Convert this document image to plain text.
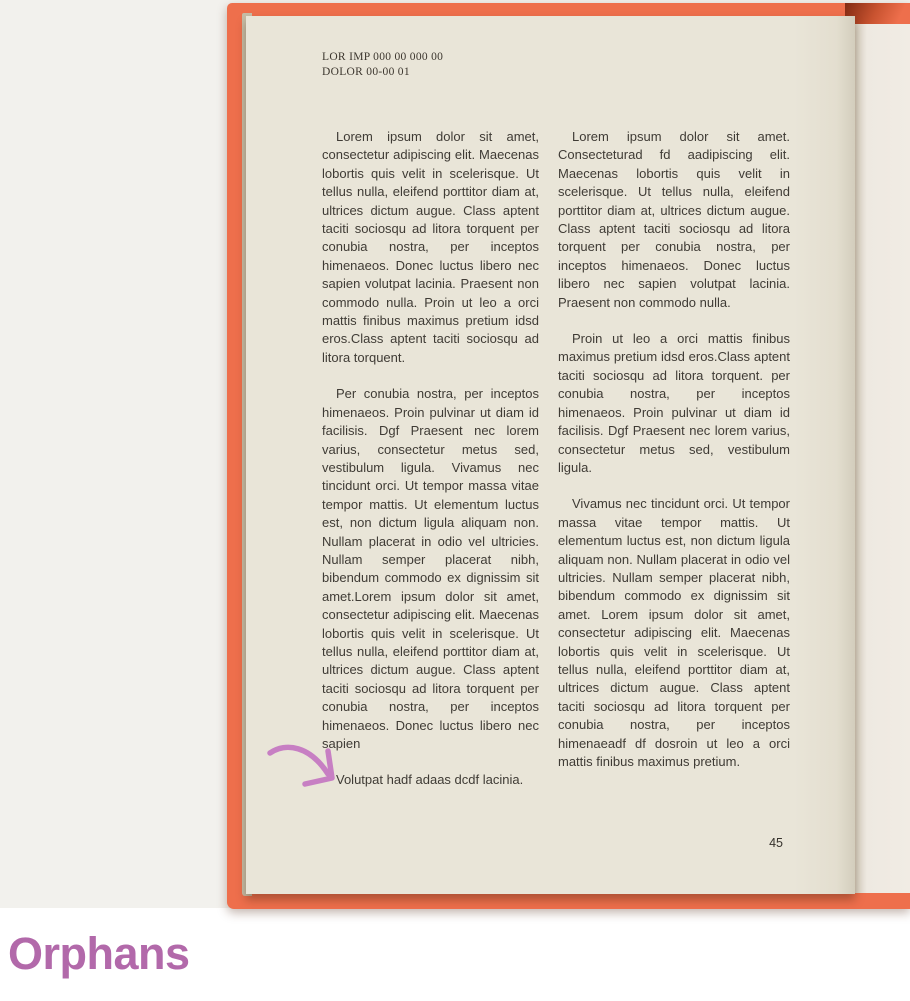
LOR IMP 000 00 000 00
DOLOR 00-00 01

Lorem ipsum dolor sit amet, consectetur adipiscing elit. Maecenas lobortis quis velit in scelerisque. Ut tellus nulla, eleifend porttitor diam at, ultrices dictum augue. Class aptent taciti sociosqu ad litora torquent per conubia nostra, per inceptos himenaeos. Donec luctus libero nec sapien volutpat lacinia. Praesent non commodo nulla. Proin ut leo a orci mattis finibus maximus pretium idsd eros.Class aptent taciti sociosqu ad litora torquent.

Per conubia nostra, per inceptos himenaeos. Proin pulvinar ut diam id facilisis. Dgf Praesent nec lorem varius, consectetur metus sed, vestibulum ligula. Vivamus nec tincidunt orci. Ut tempor massa vitae tempor mattis. Ut elementum luctus est, non dictum ligula aliquam non. Nullam placerat in odio vel ultricies. Nullam semper placerat nibh, bibendum commodo ex dignissim sit amet.Lorem ipsum dolor sit amet, consectetur adipiscing elit. Maecenas lobortis quis velit in scelerisque. Ut tellus nulla, eleifend porttitor diam at, ultrices dictum augue. Class aptent taciti sociosqu ad litora torquent per conubia nostra, per inceptos himenaeos. Donec luctus libero nec sapien

Volutpat hadf adaas dcdf lacinia.

Lorem ipsum dolor sit amet. Consecteturad fd aadipiscing elit. Maecenas lobortis quis velit in scelerisque. Ut tellus nulla, eleifend porttitor diam at, ultrices dictum augue. Class aptent taciti sociosqu ad litora torquent per conubia nostra, per inceptos himenaeos. Donec luctus libero nec sapien volutpat lacinia. Praesent non commodo nulla.

Proin ut leo a orci mattis finibus maximus pretium idsd eros.Class aptent taciti sociosqu ad litora torquent. per conubia nostra, per inceptos himenaeos. Proin pulvinar ut diam id facilisis. Dgf Praesent nec lorem varius, consectetur metus sed, vestibulum ligula.

Vivamus nec tincidunt orci. Ut tempor massa vitae tempor mattis. Ut elementum luctus est, non dictum ligula aliquam non. Nullam placerat in odio vel ultricies. Nullam semper placerat nibh, bibendum commodo ex dignissim sit amet. Lorem ipsum dolor sit amet, consectetur adipiscing elit. Maecenas lobortis quis velit in scelerisque. Ut tellus nulla, eleifend porttitor diam at, ultrices dictum augue. Class aptent taciti sociosqu ad litora torquent per conubia nostra, per inceptos himenaeadf df dosroin ut leo a orci mattis finibus maximus pretium.

45
Orphans
